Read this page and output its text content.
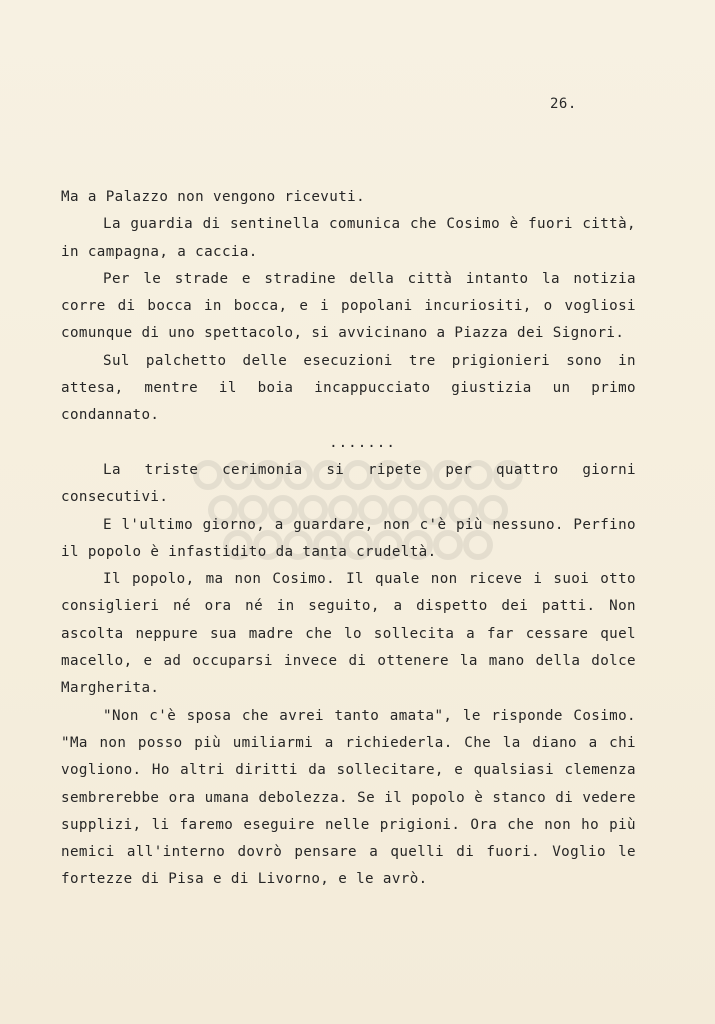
26.

Ma a Palazzo non vengono ricevuti.

La guardia di sentinella comunica che Cosimo è fuori città, in campagna, a caccia.

Per le strade e stradine della città intanto la notizia corre di bocca in bocca, e i popolani incuriositi, o vogliosi comunque di uno spettacolo, si avvicinano a Piazza dei Signori.

Sul palchetto delle esecuzioni tre prigionieri sono in attesa, mentre il boia incappucciato giustizia un primo condannato.

.......

La triste cerimonia si ripete per quattro giorni consecutivi.

E l'ultimo giorno, a guardare, non c'è più nessuno. Perfino il popolo è infastidito da tanta crudeltà.

Il popolo, ma non Cosimo. Il quale non riceve i suoi otto consiglieri né ora né in seguito, a dispetto dei patti. Non ascolta neppure sua madre che lo sollecita a far cessare quel macello, e ad occuparsi invece di ottenere la mano della dolce Margherita.

"Non c'è sposa che avrei tanto amata", le risponde Cosimo. "Ma non posso più umiliarmi a richiederla. Che la diano a chi vogliono. Ho altri diritti da sollecitare, e qualsiasi clemenza sembrerebbe ora umana debolezza. Se il popolo è stanco di vedere supplizi, li faremo eseguire nelle prigioni. Ora che non ho più nemici all'interno dovrò pensare a quelli di fuori. Voglio le fortezze di Pisa e di Livorno, e le avrò.
